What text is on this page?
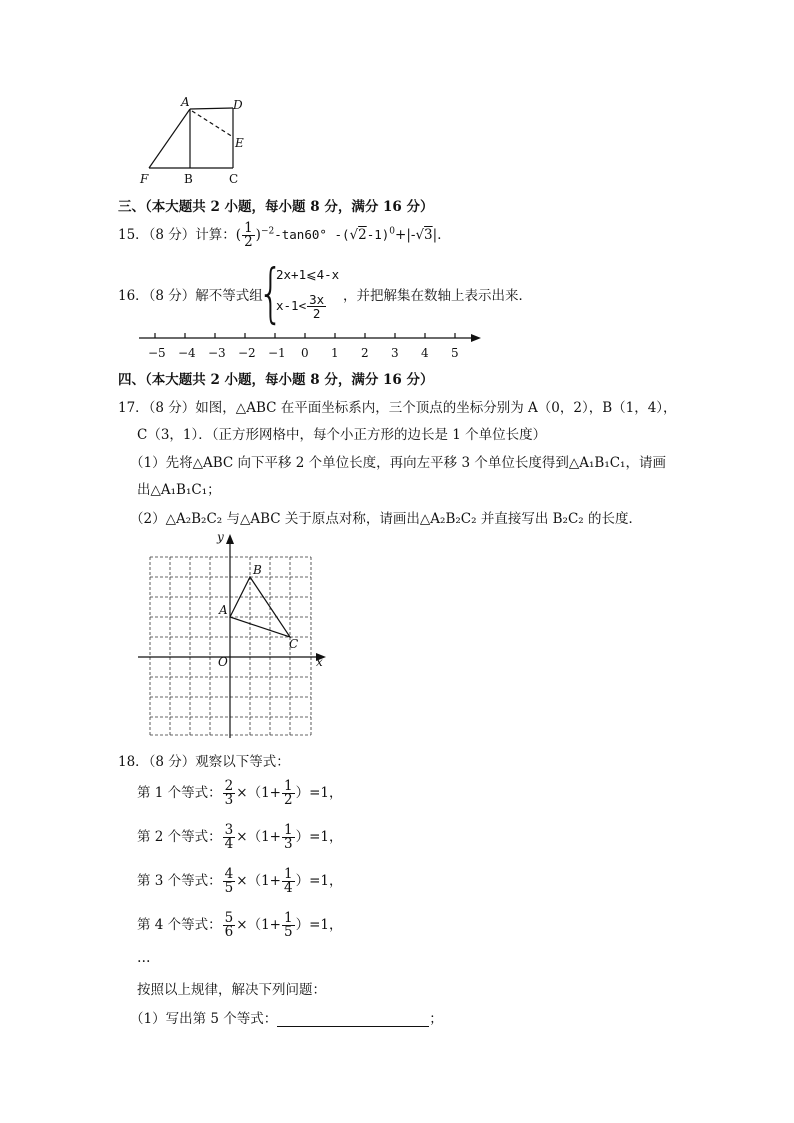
A	D
E
F	B	C
三、（本大题共 2 小题，每小题 8 分，满分 16 分）
15．（8 分）计算：( $\frac{1}{2} )^{-2}-\tan 60^\circ$ $-(√2-1)^0+|-√3|$．
16．（8 分）解不等式组
{
2x+1⩽4-x
$x-1< \frac{3x}{2}$ ，并把解集在数轴上表示出来．
−5 −4 −3 −2 −1 0 1 2 3 4 5
四、（本大题共 2 小题，每小题 8 分，满分 16 分）
17．（8 分）如图，△ABC 在平面坐标系内，三个顶点的坐标分别为 A（0，2），B（1，4），
C（3，1）．（正方形网格中，每个小正方形的边长是 1 个单位长度）
（1）先将△ABC 向下平移 2 个单位长度，再向左平移 3 个单位长度得到△A₁B₁C₁，请画
出△A₁B₁C₁；
（2）△A₂B₂C₂ 与△ABC 关于原点对称，请画出△A₂B₂C₂ 并直接写出 B₂C₂ 的长度．
y
x
O
A
B
C
18．（8 分）观察以下等式：
第 1 个等式： $\frac{2}{3} \times(1+ \frac{1}{2} )=1$，
第 2 个等式： $\frac{3}{4} \times(1+ \frac{1}{3} )=1$，
第 3 个等式： $\frac{4}{5} \times(1+ \frac{1}{4} )=1$，
第 4 个等式： $\frac{5}{6} \times(1+ \frac{1}{5} )=1$，
…
按照以上规律，解决下列问题：
（1）写出第 5 个等式：	；
